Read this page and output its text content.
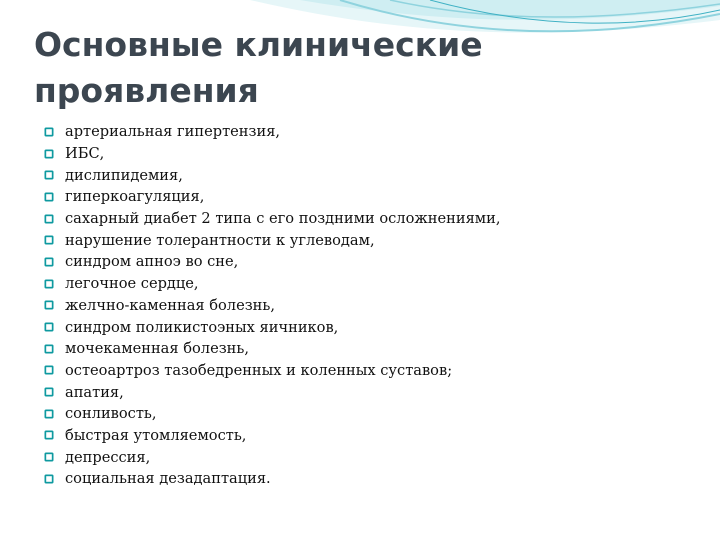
Основные клинические проявления
артериальная гипертензия,
ИБС,
дислипидемия,
гиперкоагуляция,
сахарный диабет 2 типа с его поздними осложнениями,
нарушение толерантности к углеводам,
синдром апноэ во сне,
легочное сердце,
желчно-каменная болезнь,
синдром поликистоэных яичников,
мочекаменная болезнь,
остеоартроз тазобедренных и коленных суставов;
апатия,
сонливость,
быстрая утомляемость,
депрессия,
социальная дезадаптация.
